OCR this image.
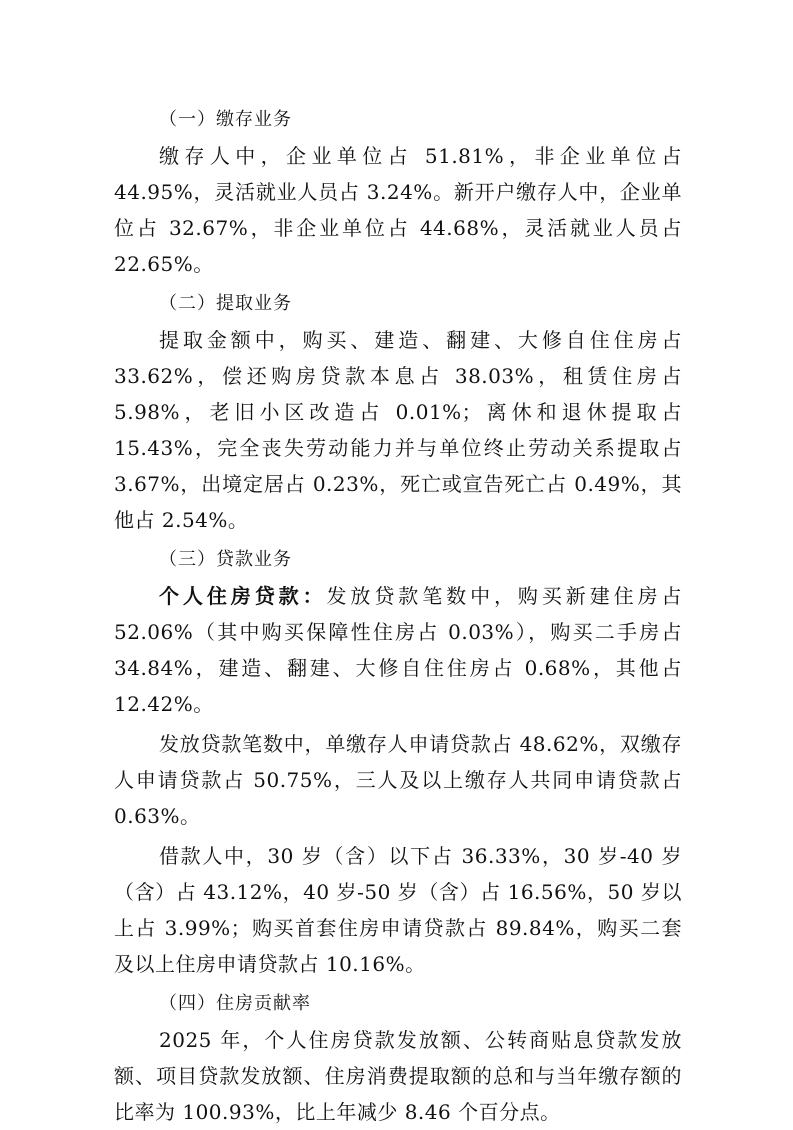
（一）缴存业务

缴存人中，企业单位占 51.81%，非企业单位占 44.95%，灵活就业人员占 3.24%。新开户缴存人中，企业单位占 32.67%，非企业单位占 44.68%，灵活就业人员占 22.65%。

（二）提取业务

提取金额中，购买、建造、翻建、大修自住住房占 33.62%，偿还购房贷款本息占 38.03%，租赁住房占 5.98%，老旧小区改造占 0.01%；离休和退休提取占 15.43%，完全丧失劳动能力并与单位终止劳动关系提取占 3.67%，出境定居占 0.23%，死亡或宣告死亡占 0.49%，其他占 2.54%。

（三）贷款业务

个人住房贷款：发放贷款笔数中，购买新建住房占 52.06%（其中购买保障性住房占 0.03%），购买二手房占 34.84%，建造、翻建、大修自住住房占 0.68%，其他占 12.42%。

发放贷款笔数中，单缴存人申请贷款占 48.62%，双缴存人申请贷款占 50.75%，三人及以上缴存人共同申请贷款占 0.63%。

借款人中，30 岁（含）以下占 36.33%，30 岁-40 岁（含）占 43.12%，40 岁-50 岁（含）占 16.56%，50 岁以上占 3.99%；购买首套住房申请贷款占 89.84%，购买二套及以上住房申请贷款占 10.16%。

（四）住房贡献率

2025 年，个人住房贷款发放额、公转商贴息贷款发放额、项目贷款发放额、住房消费提取额的总和与当年缴存额的比率为 100.93%，比上年减少 8.46 个百分点。
